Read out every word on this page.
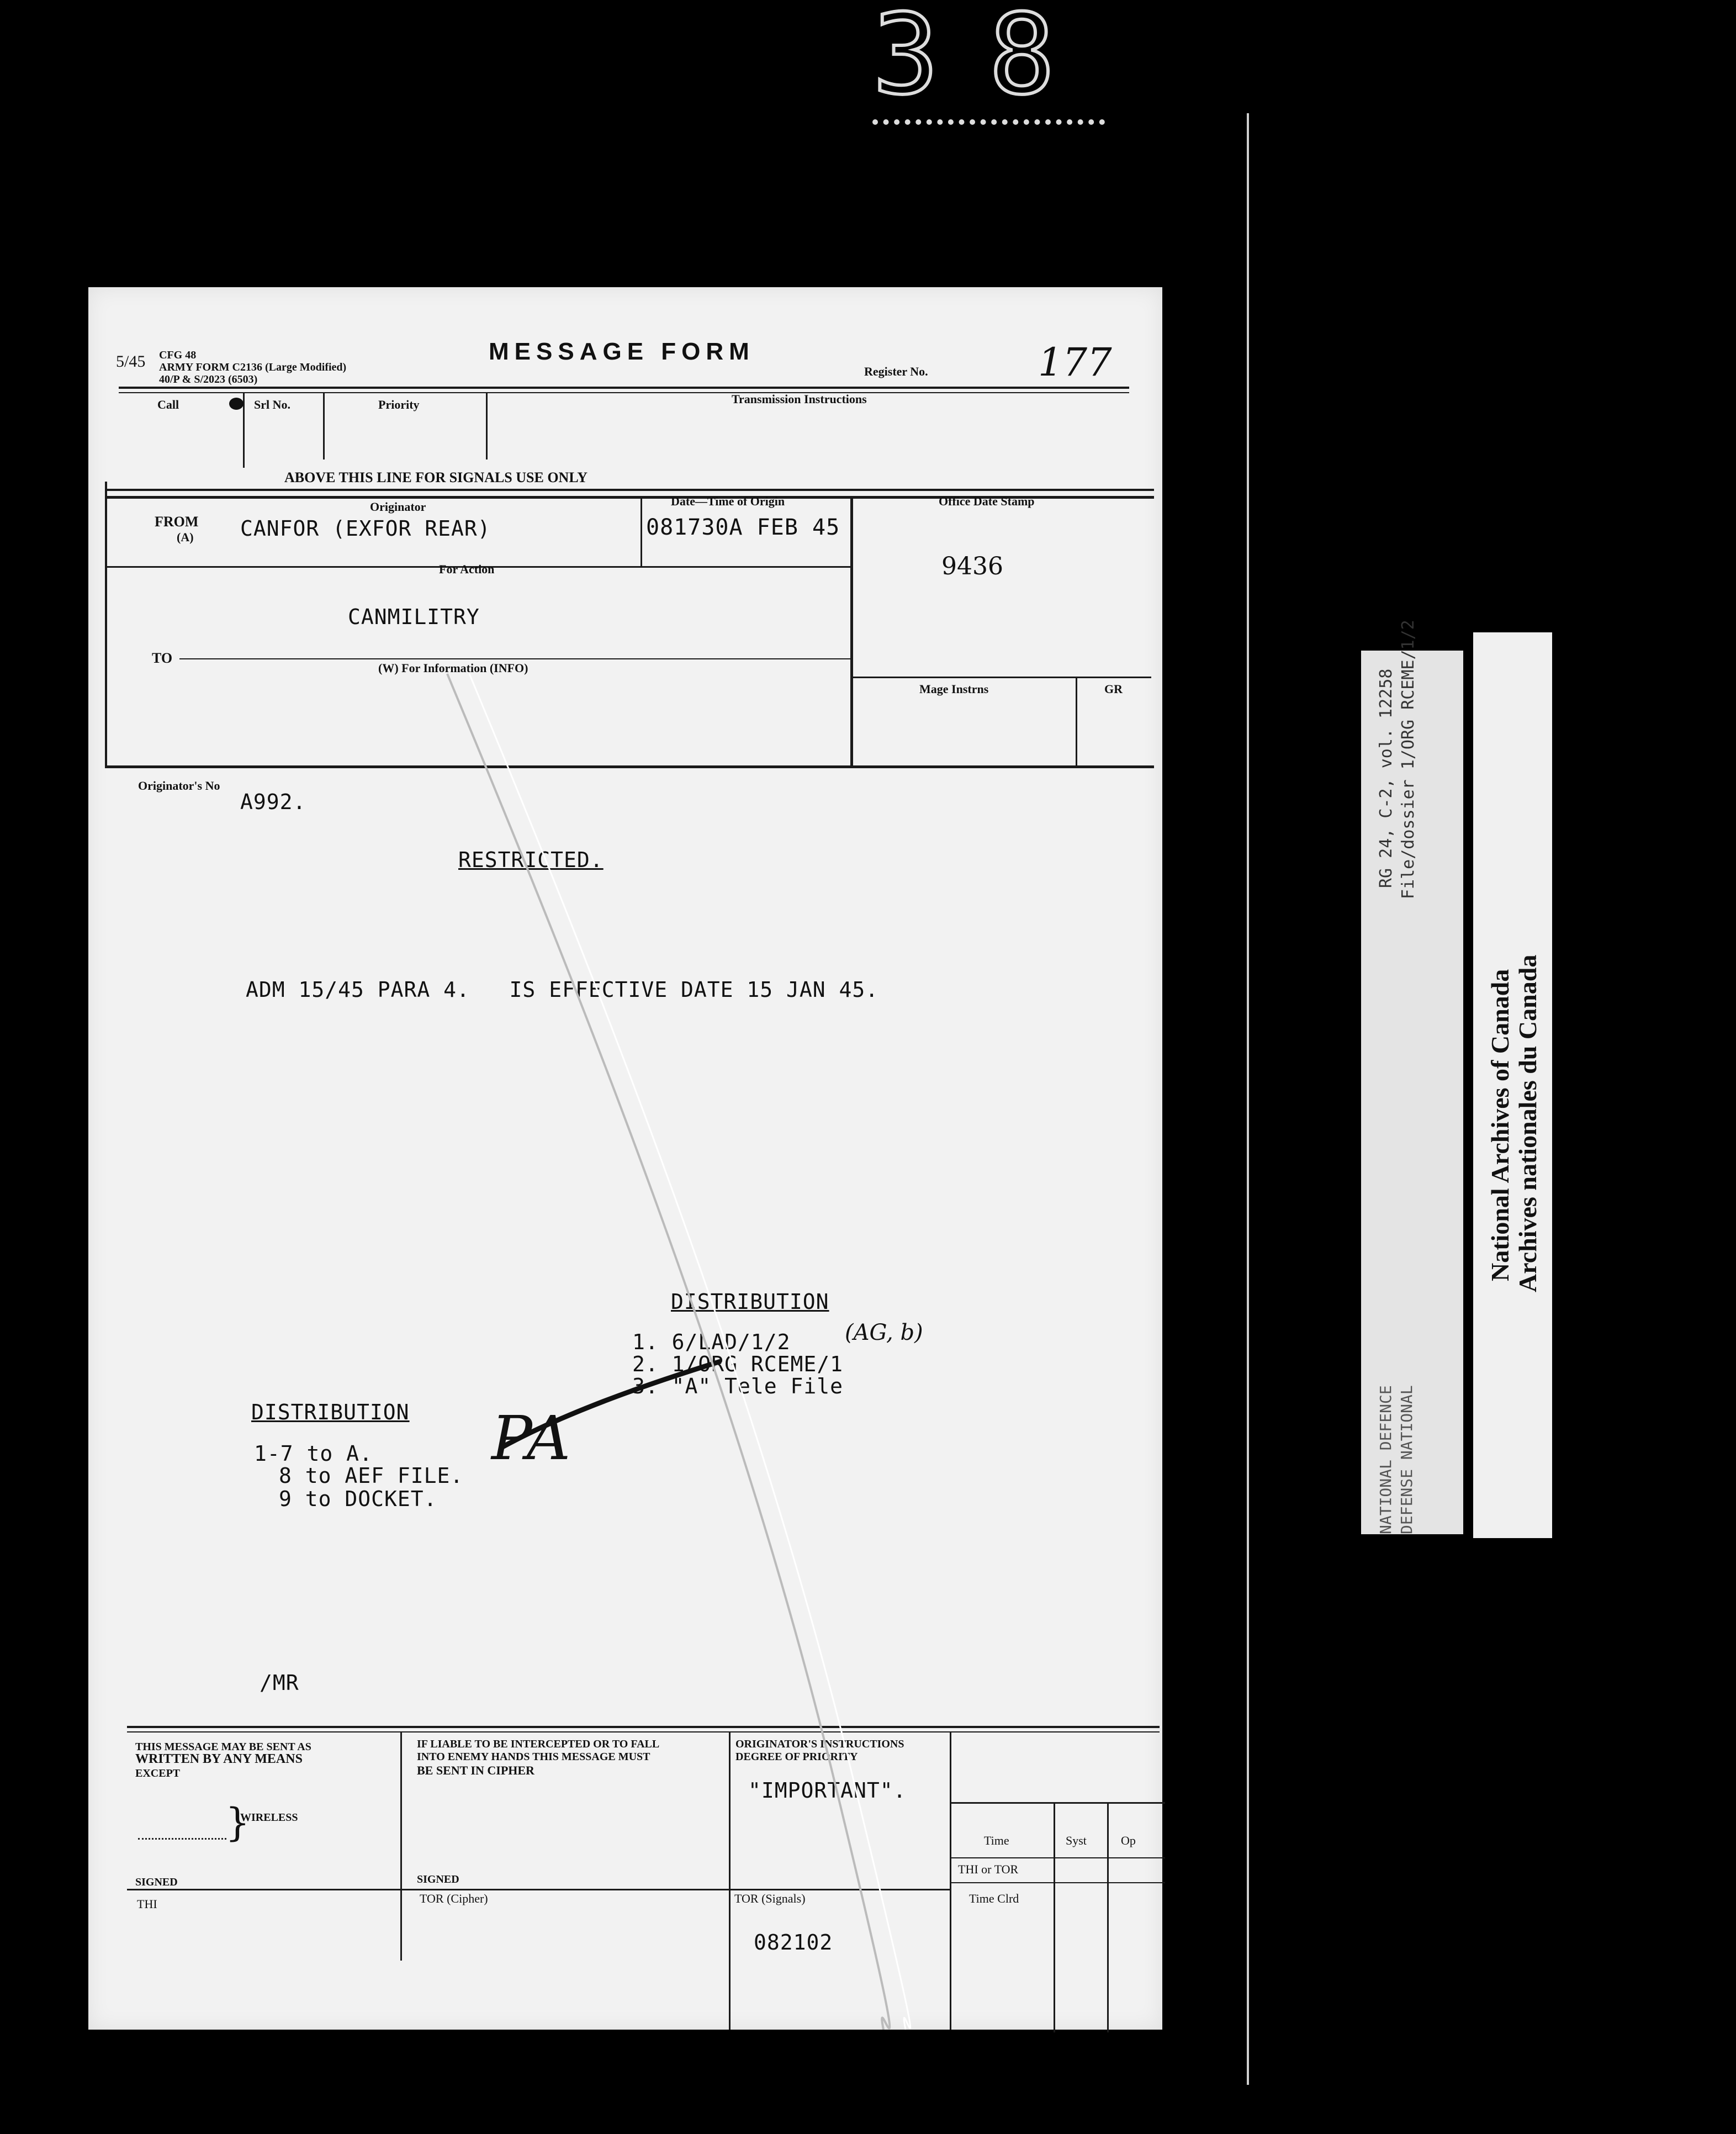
38
5/45 CFG 48
ARMY FORM C2136 (Large Modified)
40/P & S/2023 (6503)
MESSAGE FORM
Register No.	177
Call	Srl No.	Priority	Transmission Instructions
ABOVE THIS LINE FOR SIGNALS USE ONLY
Originator	Date—Time of Origin	Office Date Stamp
FROM
(A) CANFOR (EXFOR REAR)	081730A FEB 45
9436
For Action
CANMILITRY
TO
(W) For Information (INFO)
Mage Instrns	GR
Originator's No
A992.
RESTRICTED.
ADM 15/45 PARA 4.   IS EFFECTIVE DATE 15 JAN 45.
DISTRIBUTION
1. 6/LAD/1/2
2. 1/ORG RCEME/1
3. "A" Tele File
(AG, b)
DISTRIBUTION
1-7 to A.
8 to AEF FILE.
9 to DOCKET.
PA
/MR
THIS MESSAGE MAY BE SENT AS
WRITTEN BY ANY MEANS
EXCEPT
WIRELESS
}
SIGNED
IF LIABLE TO BE INTERCEPTED OR TO FALL
INTO ENEMY HANDS THIS MESSAGE MUST
BE SENT IN CIPHER
SIGNED
ORIGINATOR'S INSTRUCTIONS
DEGREE OF PRIORITY
"IMPORTANT".
Time	Syst	Op
THI or TOR
Time Clrd
THI	TOR (Cipher)	TOR (Signals)
082102
RG 24, C-2, vol. 12258 File/dossier 1/ORG RCEME/1/2
NATIONAL DEFENCE DEFENSE NATIONAL
National Archives of Canada Archives nationales du Canada
